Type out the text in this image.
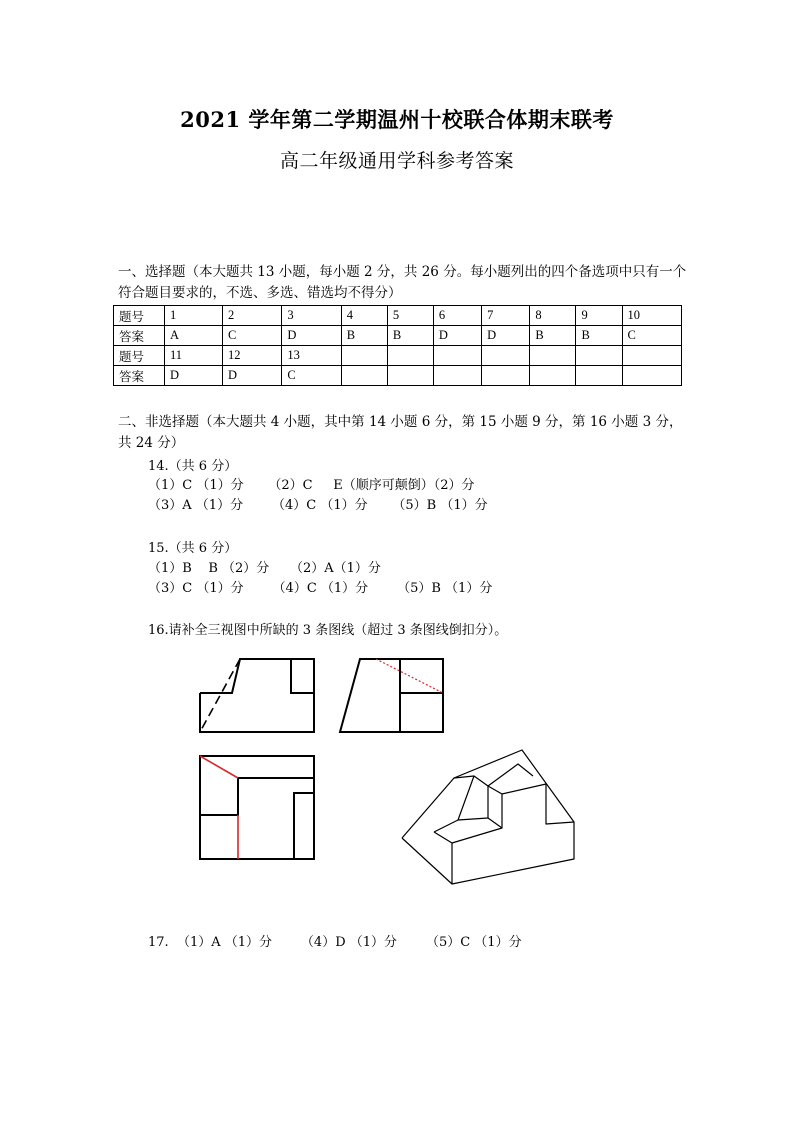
2021 学年第二学期温州十校联合体期末联考
高二年级通用学科参考答案
一、选择题（本大题共 13 小题，每小题 2 分，共 26 分。每小题列出的四个备选项中只有一个符合题目要求的，不选、多选、错选均不得分）
题号	1	2	3	4	5	6	7	8	9	10
答案	A	C	D	B	B	D	D	B	B	C
题号	11	12	13							
答案	D	D	C							
二、非选择题（本大题共 4 小题，其中第 14 小题 6 分，第 15 小题 9 分，第 16 小题 3 分，共 24 分）
14.（共 6 分）
（1）C （1）分      （2）C     E（顺序可颠倒）（2）分
（3）A （1）分       （4）C （1）分      （5）B （1）分
15.（共 6 分）
（1）B    B （2）分     （2）A（1）分
（3）C （1）分       （4）C （1）分       （5）B （1）分
16.请补全三视图中所缺的 3 条图线（超过 3 条图线倒扣分）。
17.  （1）A （1）分       （4）D （1）分       （5）C （1）分
